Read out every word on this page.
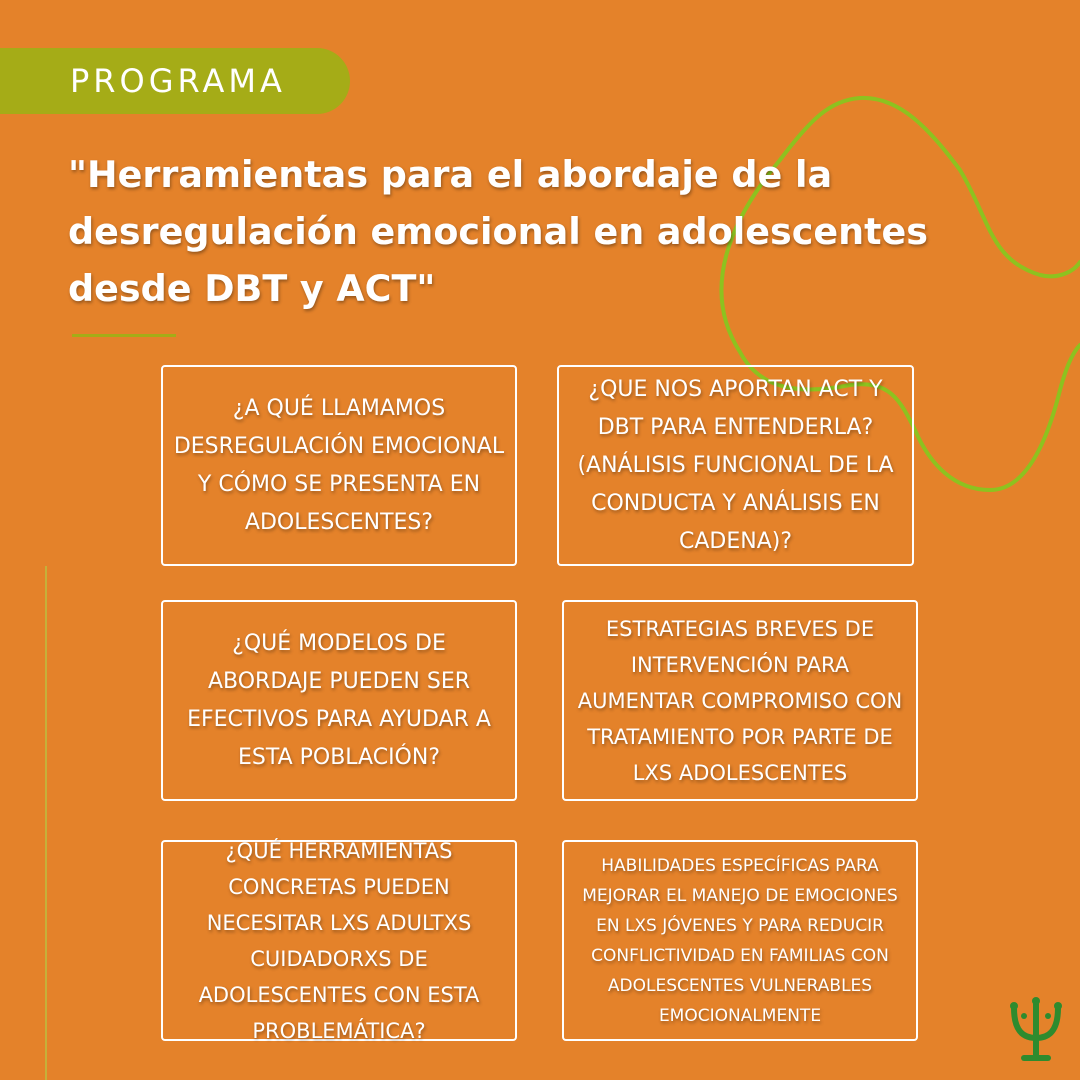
PROGRAMA
"Herramientas para el abordaje de la desregulación emocional en adolescentes desde DBT y ACT"
¿A QUÉ LLAMAMOS DESREGULACIÓN EMOCIONAL Y CÓMO SE PRESENTA EN ADOLESCENTES?
¿QUE NOS APORTAN ACT Y DBT PARA ENTENDERLA? (ANÁLISIS FUNCIONAL DE LA CONDUCTA Y ANÁLISIS EN CADENA)?
¿QUÉ MODELOS DE ABORDAJE PUEDEN SER EFECTIVOS PARA AYUDAR A ESTA POBLACIÓN?
ESTRATEGIAS BREVES DE INTERVENCIÓN PARA AUMENTAR COMPROMISO CON TRATAMIENTO POR PARTE DE LXS ADOLESCENTES
¿QUÉ HERRAMIENTAS CONCRETAS PUEDEN NECESITAR LXS ADULTXS CUIDADORXS DE ADOLESCENTES CON ESTA PROBLEMÁTICA?
HABILIDADES ESPECÍFICAS PARA MEJORAR EL MANEJO DE EMOCIONES EN LXS JÓVENES Y PARA REDUCIR CONFLICTIVIDAD EN FAMILIAS CON ADOLESCENTES VULNERABLES EMOCIONALMENTE
